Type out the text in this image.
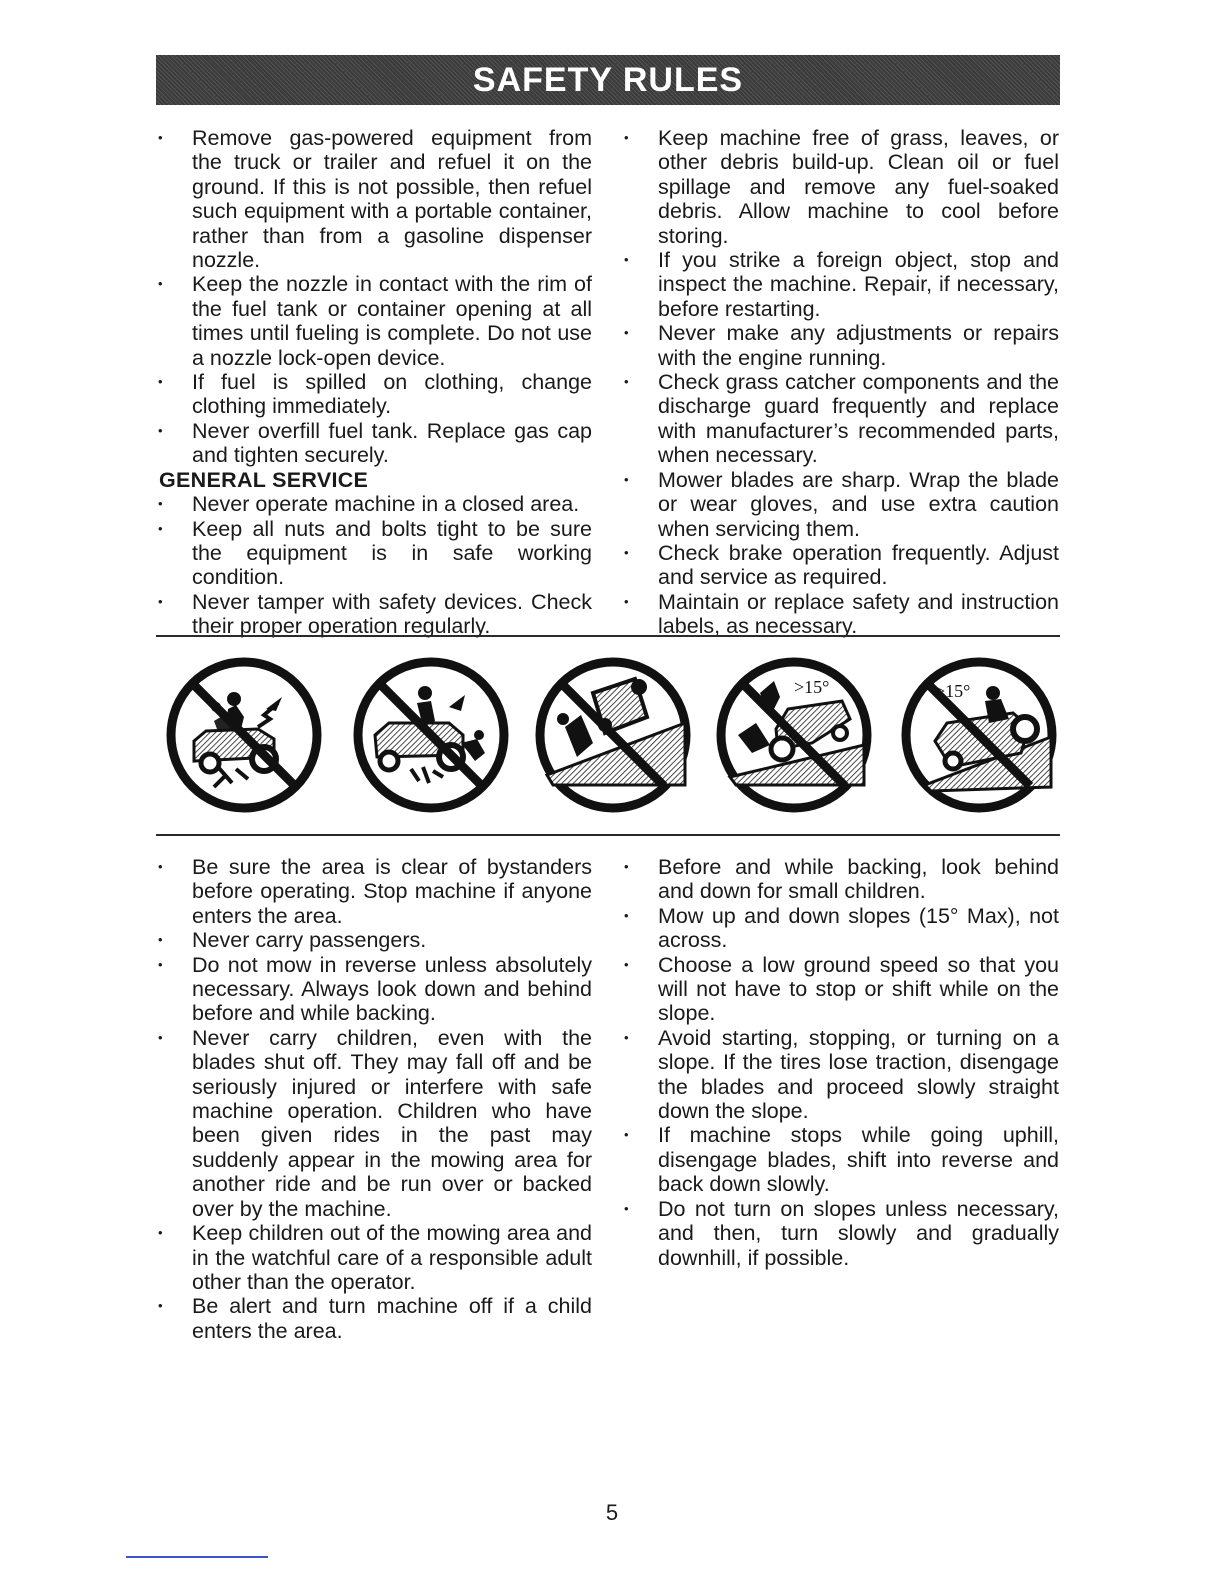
SAFETY RULES
• Remove gas-powered equipment from the truck or trailer and refuel it on the ground. If this is not possible, then refuel such equipment with a portable container, rather than from a gasoline dispenser nozzle.
• Keep the nozzle in contact with the rim of the fuel tank or container opening at all times until fueling is complete. Do not use a nozzle lock-open device.
• If fuel is spilled on clothing, change clothing immediately.
• Never overfill fuel tank. Replace gas cap and tighten securely.
GENERAL SERVICE
• Never operate machine in a closed area.
• Keep all nuts and bolts tight to be sure the equipment is in safe working condition.
• Never tamper with safety devices. Check their proper operation regularly.
• Keep machine free of grass, leaves, or other debris build-up. Clean oil or fuel spillage and remove any fuel-soaked debris. Allow machine to cool before storing.
• If you strike a foreign object, stop and inspect the machine. Repair, if necessary, before restarting.
• Never make any adjustments or repairs with the engine running.
• Check grass catcher components and the discharge guard frequently and replace with manufacturer’s recommended parts, when necessary.
• Mower blades are sharp. Wrap the blade or wear gloves, and use extra caution when servicing them.
• Check brake operation frequently. Adjust and service as required.
• Maintain or replace safety and instruction labels, as necessary.
>15°	>15°
• Be sure the area is clear of bystanders before operating. Stop machine if anyone enters the area.
• Never carry passengers.
• Do not mow in reverse unless absolutely necessary. Always look down and behind before and while backing.
• Never carry children, even with the blades shut off. They may fall off and be seriously injured or interfere with safe machine operation. Children who have been given rides in the past may suddenly appear in the mowing area for another ride and be run over or backed over by the machine.
• Keep children out of the mowing area and in the watchful care of a responsible adult other than the operator.
• Be alert and turn machine off if a child enters the area.
• Before and while backing, look behind and down for small children.
• Mow up and down slopes (15° Max), not across.
• Choose a low ground speed so that you will not have to stop or shift while on the slope.
• Avoid starting, stopping, or turning on a slope. If the tires lose traction, disengage the blades and proceed slowly straight down the slope.
• If machine stops while going uphill, disengage blades, shift into reverse and back down slowly.
• Do not turn on slopes unless necessary, and then, turn slowly and gradually downhill, if possible.
5
